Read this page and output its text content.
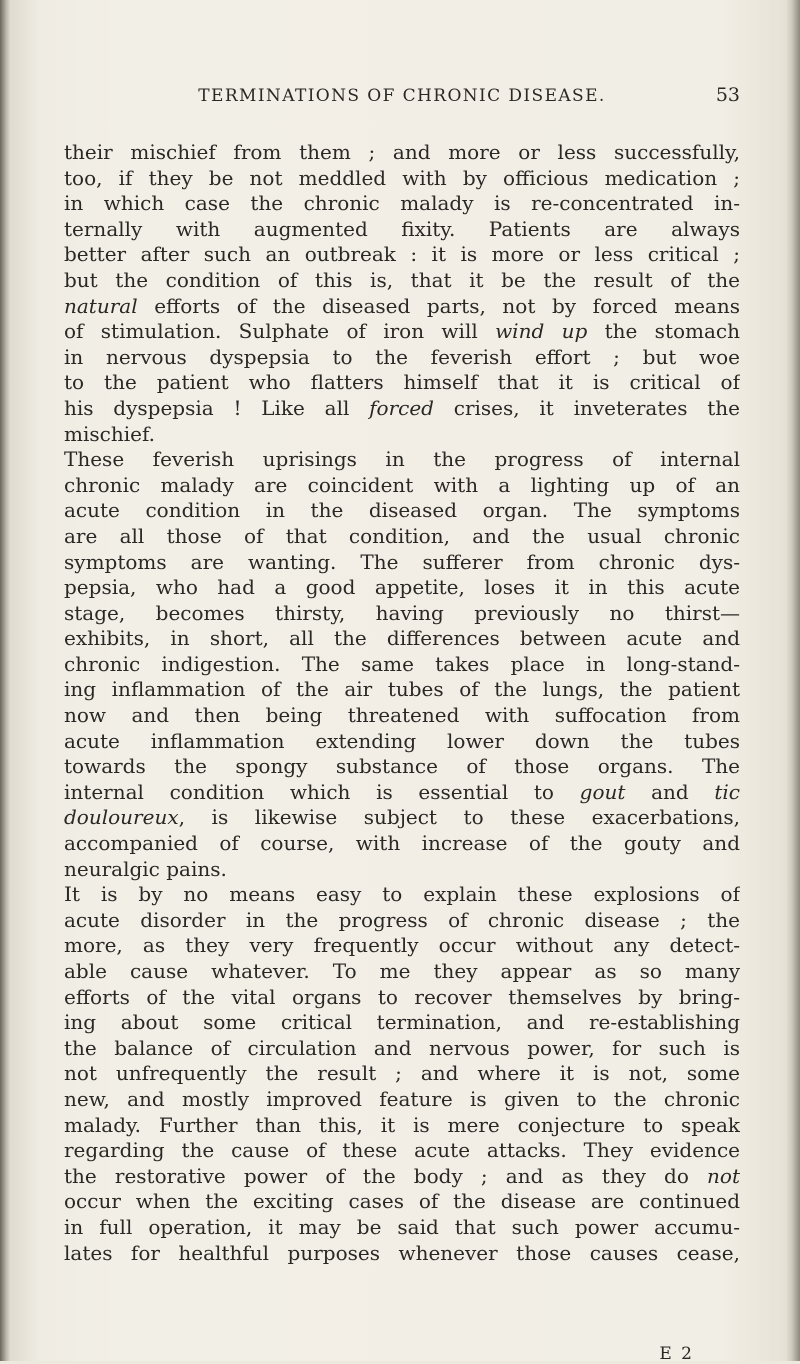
TERMINATIONS OF CHRONIC DISEASE.	53
their mischief from them ; and more or less successfully,
too, if they be not meddled with by officious medication ;
in which case the chronic malady is re-concentrated in-
ternally with augmented fixity. Patients are always
better after such an outbreak : it is more or less critical ;
but the condition of this is, that it be the result of the
natural efforts of the diseased parts, not by forced means
of stimulation. Sulphate of iron will wind up the stomach
in nervous dyspepsia to the feverish effort ; but woe
to the patient who flatters himself that it is critical of
his dyspepsia ! Like all forced crises, it inveterates the
mischief.
These feverish uprisings in the progress of internal
chronic malady are coincident with a lighting up of an
acute condition in the diseased organ. The symptoms
are all those of that condition, and the usual chronic
symptoms are wanting. The sufferer from chronic dys-
pepsia, who had a good appetite, loses it in this acute
stage, becomes thirsty, having previously no thirst—
exhibits, in short, all the differences between acute and
chronic indigestion. The same takes place in long-stand-
ing inflammation of the air tubes of the lungs, the patient
now and then being threatened with suffocation from
acute inflammation extending lower down the tubes
towards the spongy substance of those organs. The
internal condition which is essential to gout and tic
douloureux, is likewise subject to these exacerbations,
accompanied of course, with increase of the gouty and
neuralgic pains.
It is by no means easy to explain these explosions of
acute disorder in the progress of chronic disease ; the
more, as they very frequently occur without any detect-
able cause whatever. To me they appear as so many
efforts of the vital organs to recover themselves by bring-
ing about some critical termination, and re-establishing
the balance of circulation and nervous power, for such is
not unfrequently the result ; and where it is not, some
new, and mostly improved feature is given to the chronic
malady. Further than this, it is mere conjecture to speak
regarding the cause of these acute attacks. They evidence
the restorative power of the body ; and as they do not
occur when the exciting cases of the disease are continued
in full operation, it may be said that such power accumu-
lates for healthful purposes whenever those causes cease,
E 2
